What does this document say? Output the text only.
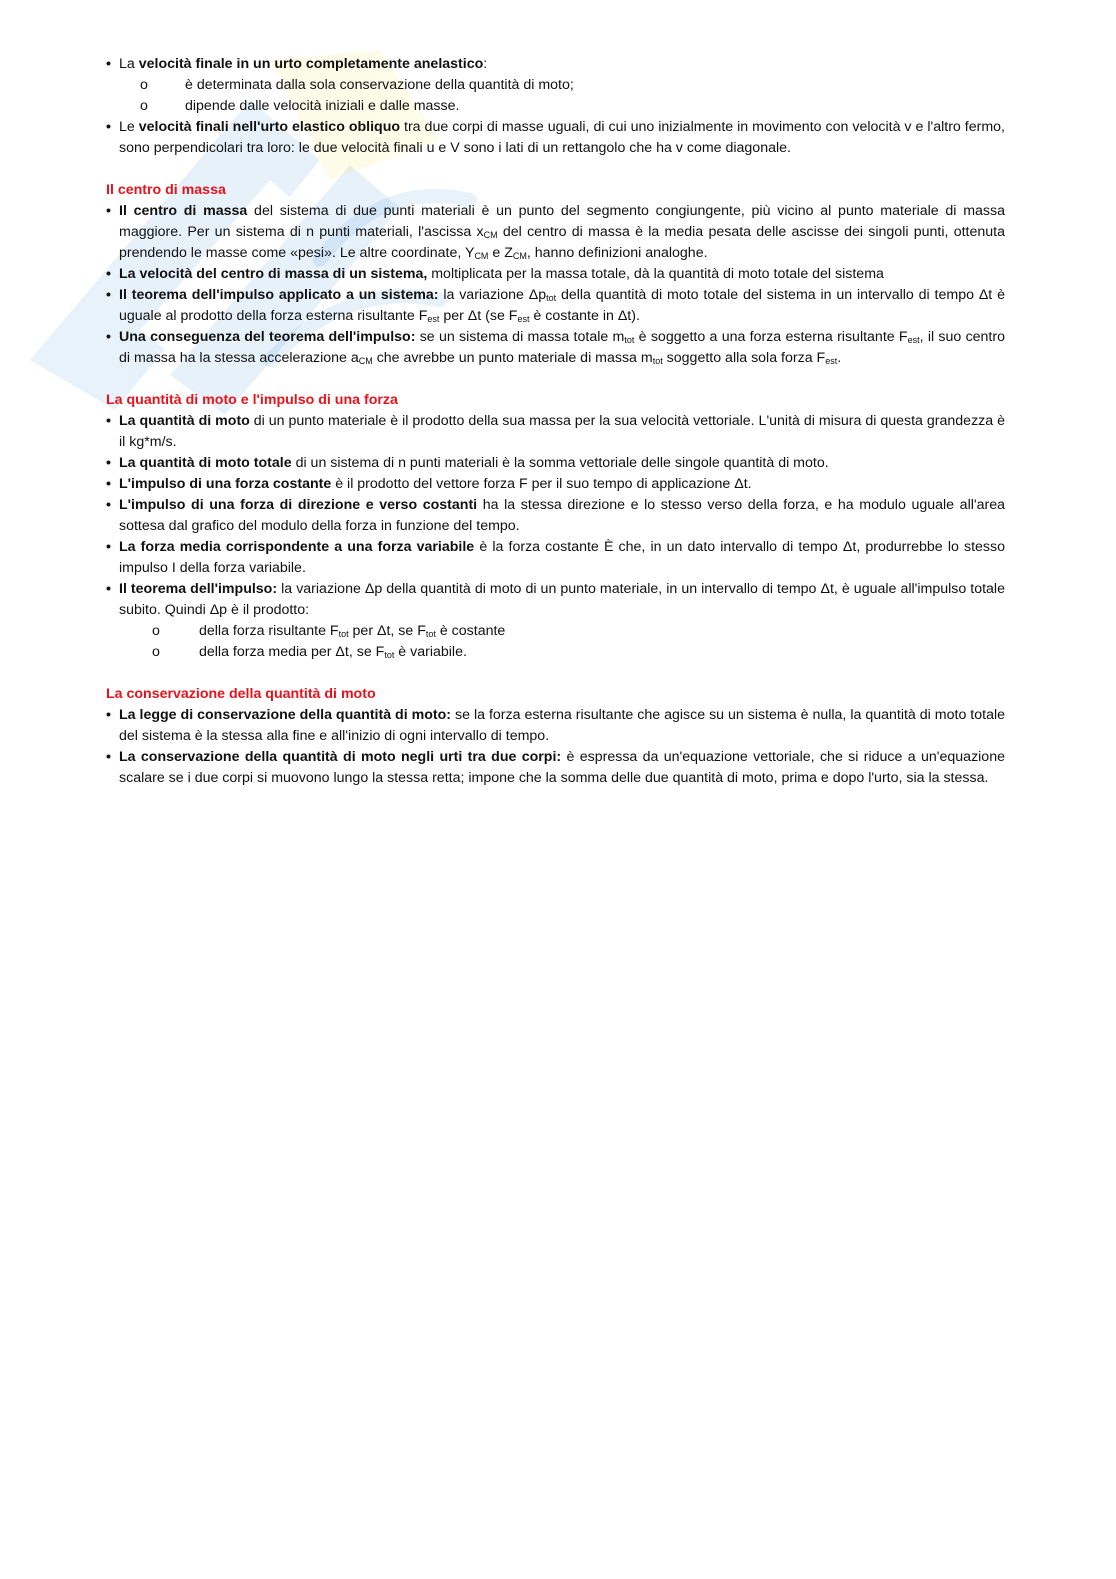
• La velocità finale in un urto completamente anelastico:
o è determinata dalla sola conservazione della quantità di moto;
o dipende dalle velocità iniziali e dalle masse.
• Le velocità finali nell'urto elastico obliquo tra due corpi di masse uguali, di cui uno inizialmente in movimento con velocità v e l'altro fermo, sono perpendicolari tra loro: le due velocità finali u e V sono i lati di un rettangolo che ha v come diagonale.
Il centro di massa
• Il centro di massa del sistema di due punti materiali è un punto del segmento congiungente, più vicino al punto materiale di massa maggiore. Per un sistema di n punti materiali, l'ascissa $x_{CM}$ del centro di massa è la media pesata delle ascisse dei singoli punti, ottenuta prendendo le masse come «pesi». Le altre coordinate, $Y_{CM}$ e $Z_{CM}$, hanno definizioni analoghe.
• La velocità del centro di massa di un sistema, moltiplicata per la massa totale, dà la quantità di moto totale del sistema
• Il teorema dell'impulso applicato a un sistema: la variazione $\Delta p_{tot}$ della quantità di moto totale del sistema in un intervallo di tempo Δt è uguale al prodotto della forza esterna risultante $F_{est}$ per Δt (se $F_{est}$ è costante in Δt).
• Una conseguenza del teorema dell'impulso: se un sistema di massa totale $m_{tot}$ è soggetto a una forza esterna risultante $F_{est}$, il suo centro di massa ha la stessa accelerazione $a_{CM}$ che avrebbe un punto materiale di massa $m_{tot}$ soggetto alla sola forza $F_{est}$.
La quantità di moto e l'impulso di una forza
• La quantità di moto di un punto materiale è il prodotto della sua massa per la sua velocità vettoriale. L'unità di misura di questa grandezza è il kg*m/s.
• La quantità di moto totale di un sistema di n punti materiali è la somma vettoriale delle singole quantità di moto.
• L'impulso di una forza costante è il prodotto del vettore forza F per il suo tempo di applicazione Δt.
• L'impulso di una forza di direzione e verso costanti ha la stessa direzione e lo stesso verso della forza, e ha modulo uguale all'area sottesa dal grafico del modulo della forza in funzione del tempo.
• La forza media corrispondente a una forza variabile è la forza costante È che, in un dato intervallo di tempo Δt, produrrebbe lo stesso impulso I della forza variabile.
• Il teorema dell'impulso: la variazione Δp della quantità di moto di un punto materiale, in un intervallo di tempo Δt, è uguale all'impulso totale subito. Quindi Δp è il prodotto:
o della forza risultante $F_{tot}$ per Δt, se $F_{tot}$ è costante
o della forza media per Δt, se $F_{tot}$ è variabile.
La conservazione della quantità di moto
• La legge di conservazione della quantità di moto: se la forza esterna risultante che agisce su un sistema è nulla, la quantità di moto totale del sistema è la stessa alla fine e all'inizio di ogni intervallo di tempo.
• La conservazione della quantità di moto negli urti tra due corpi: è espressa da un'equazione vettoriale, che si riduce a un'equazione scalare se i due corpi si muovono lungo la stessa retta; impone che la somma delle due quantità di moto, prima e dopo l'urto, sia la stessa.
